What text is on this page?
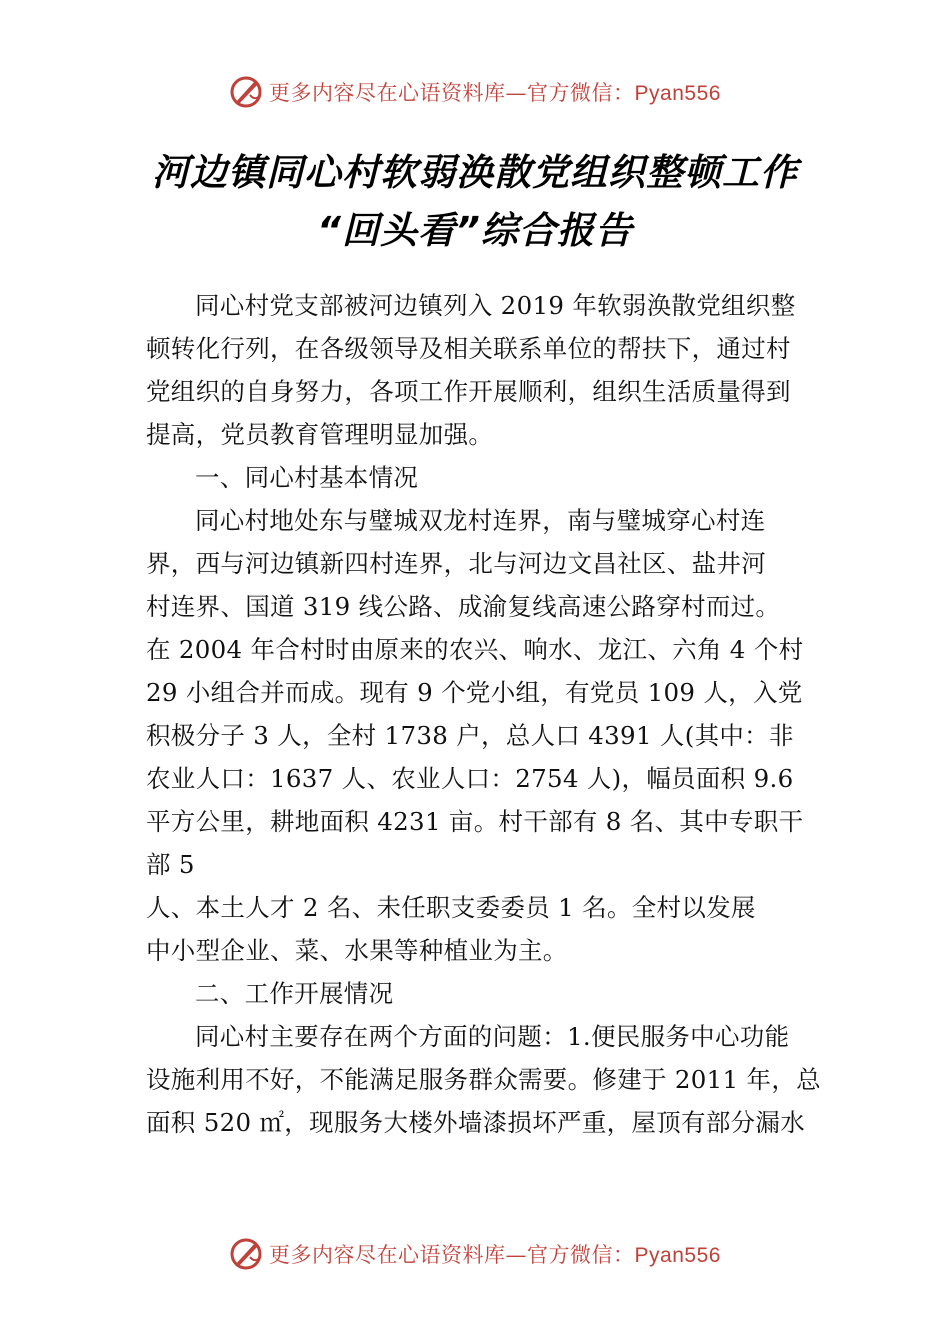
更多内容尽在心语资料库—官方微信：Pyan556
河边镇同心村软弱涣散党组织整顿工作
“回头看”综合报告
同心村党支部被河边镇列入 2019 年软弱涣散党组织整
顿转化行列，在各级领导及相关联系单位的帮扶下，通过村
党组织的自身努力，各项工作开展顺利，组织生活质量得到
提高，党员教育管理明显加强。
一、同心村基本情况
同心村地处东与璧城双龙村连界，南与璧城穿心村连
界，西与河边镇新四村连界，北与河边文昌社区、盐井河
村连界、国道 319 线公路、成渝复线高速公路穿村而过。
在 2004 年合村时由原来的农兴、响水、龙江、六角 4 个村
29 小组合并而成。现有 9 个党小组，有党员 109 人，入党
积极分子 3 人，全村 1738 户，总人口 4391 人(其中：非
农业人口：1637 人、农业人口：2754 人)，幅员面积 9.6
平方公里，耕地面积 4231 亩。村干部有 8 名、其中专职干
部 5
人、本土人才 2 名、未任职支委委员 1 名。全村以发展
中小型企业、菜、水果等种植业为主。
二、工作开展情况
同心村主要存在两个方面的问题：1.便民服务中心功能
设施利用不好，不能满足服务群众需要。修建于 2011 年，总
面积 520 ㎡，现服务大楼外墙漆损坏严重，屋顶有部分漏水
更多内容尽在心语资料库—官方微信：Pyan556
